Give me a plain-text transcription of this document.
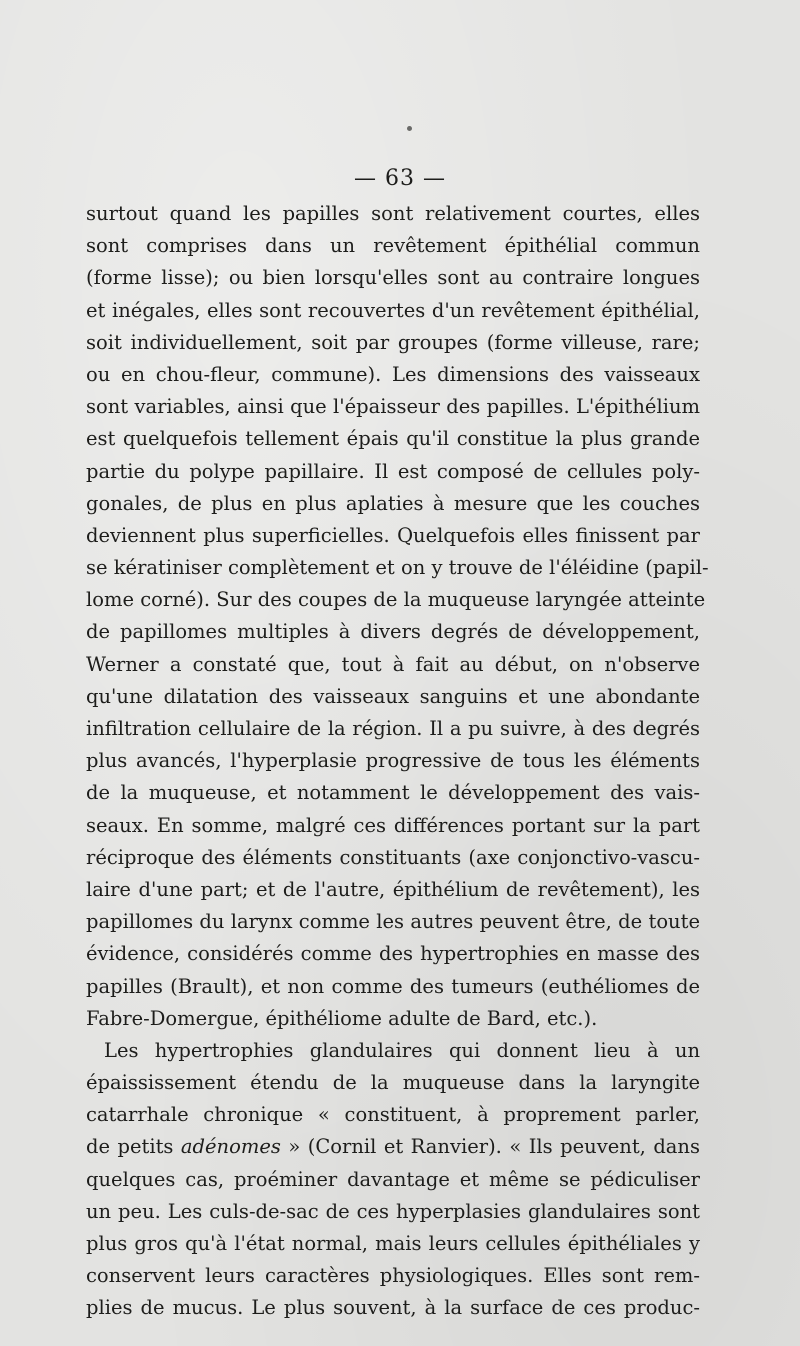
— 63 —
surtout quand les papilles sont relativement courtes, elles
sont comprises dans un revêtement épithélial commun
(forme lisse); ou bien lorsqu'elles sont au contraire longues
et inégales, elles sont recouvertes d'un revêtement épithélial,
soit individuellement, soit par groupes (forme villeuse, rare;
ou en chou-fleur, commune). Les dimensions des vaisseaux
sont variables, ainsi que l'épaisseur des papilles. L'épithélium
est quelquefois tellement épais qu'il constitue la plus grande
partie du polype papillaire. Il est composé de cellules poly-
gonales, de plus en plus aplaties à mesure que les couches
deviennent plus superficielles. Quelquefois elles finissent par
se kératiniser complètement et on y trouve de l'éléidine (papil-
lome corné). Sur des coupes de la muqueuse laryngée atteinte
de papillomes multiples à divers degrés de développement,
Werner a constaté que, tout à fait au début, on n'observe
qu'une dilatation des vaisseaux sanguins et une abondante
infiltration cellulaire de la région. Il a pu suivre, à des degrés
plus avancés, l'hyperplasie progressive de tous les éléments
de la muqueuse, et notamment le développement des vais-
seaux. En somme, malgré ces différences portant sur la part
réciproque des éléments constituants (axe conjonctivo-vascu-
laire d'une part; et de l'autre, épithélium de revêtement), les
papillomes du larynx comme les autres peuvent être, de toute
évidence, considérés comme des hypertrophies en masse des
papilles (Brault), et non comme des tumeurs (euthéliomes de
Fabre-Domergue, épithéliome adulte de Bard, etc.).
Les hypertrophies glandulaires qui donnent lieu à un
épaississement étendu de la muqueuse dans la laryngite
catarrhale chronique « constituent, à proprement parler,
de petits adénomes » (Cornil et Ranvier). « Ils peuvent, dans
quelques cas, proéminer davantage et même se pédiculiser
un peu. Les culs-de-sac de ces hyperplasies glandulaires sont
plus gros qu'à l'état normal, mais leurs cellules épithéliales y
conservent leurs caractères physiologiques. Elles sont rem-
plies de mucus. Le plus souvent, à la surface de ces produc-
